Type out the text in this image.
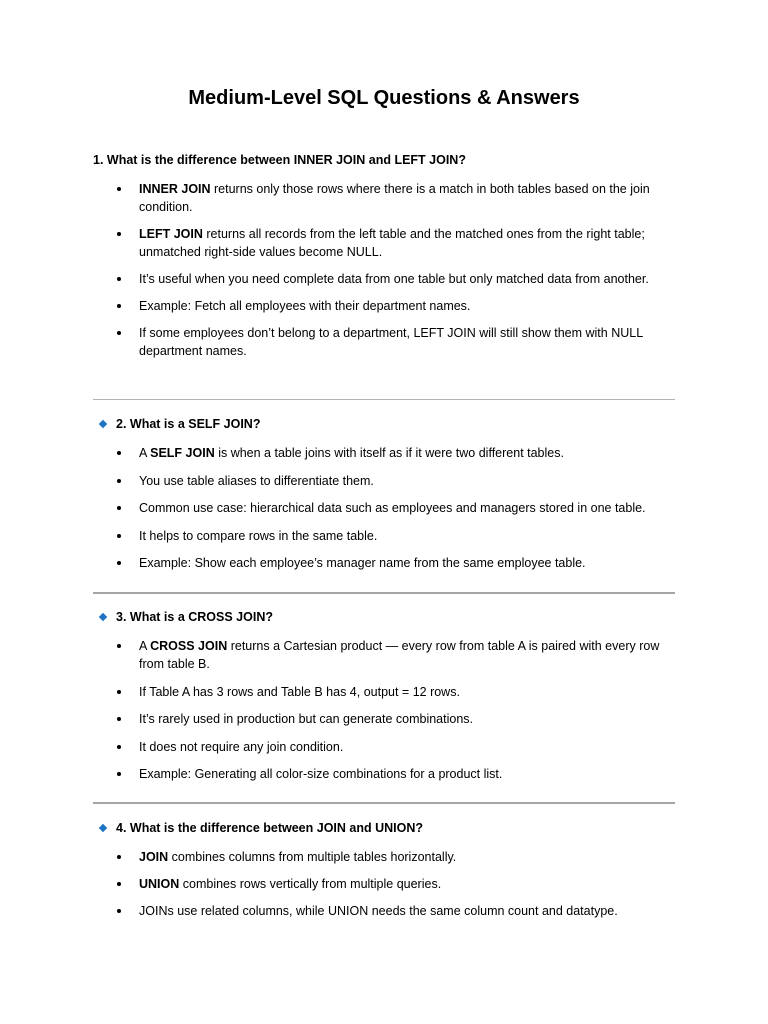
Medium-Level SQL Questions & Answers

1. What is the difference between INNER JOIN and LEFT JOIN?

INNER JOIN returns only those rows where there is a match in both tables based on the join condition.
LEFT JOIN returns all records from the left table and the matched ones from the right table; unmatched right-side values become NULL.
It’s useful when you need complete data from one table but only matched data from another.
Example: Fetch all employees with their department names.
If some employees don’t belong to a department, LEFT JOIN will still show them with NULL department names.

2. What is a SELF JOIN?

A SELF JOIN is when a table joins with itself as if it were two different tables.
You use table aliases to differentiate them.
Common use case: hierarchical data such as employees and managers stored in one table.
It helps to compare rows in the same table.
Example: Show each employee’s manager name from the same employee table.

3. What is a CROSS JOIN?

A CROSS JOIN returns a Cartesian product — every row from table A is paired with every row from table B.
If Table A has 3 rows and Table B has 4, output = 12 rows.
It’s rarely used in production but can generate combinations.
It does not require any join condition.
Example: Generating all color-size combinations for a product list.

4. What is the difference between JOIN and UNION?

JOIN combines columns from multiple tables horizontally.
UNION combines rows vertically from multiple queries.
JOINs use related columns, while UNION needs the same column count and datatype.
